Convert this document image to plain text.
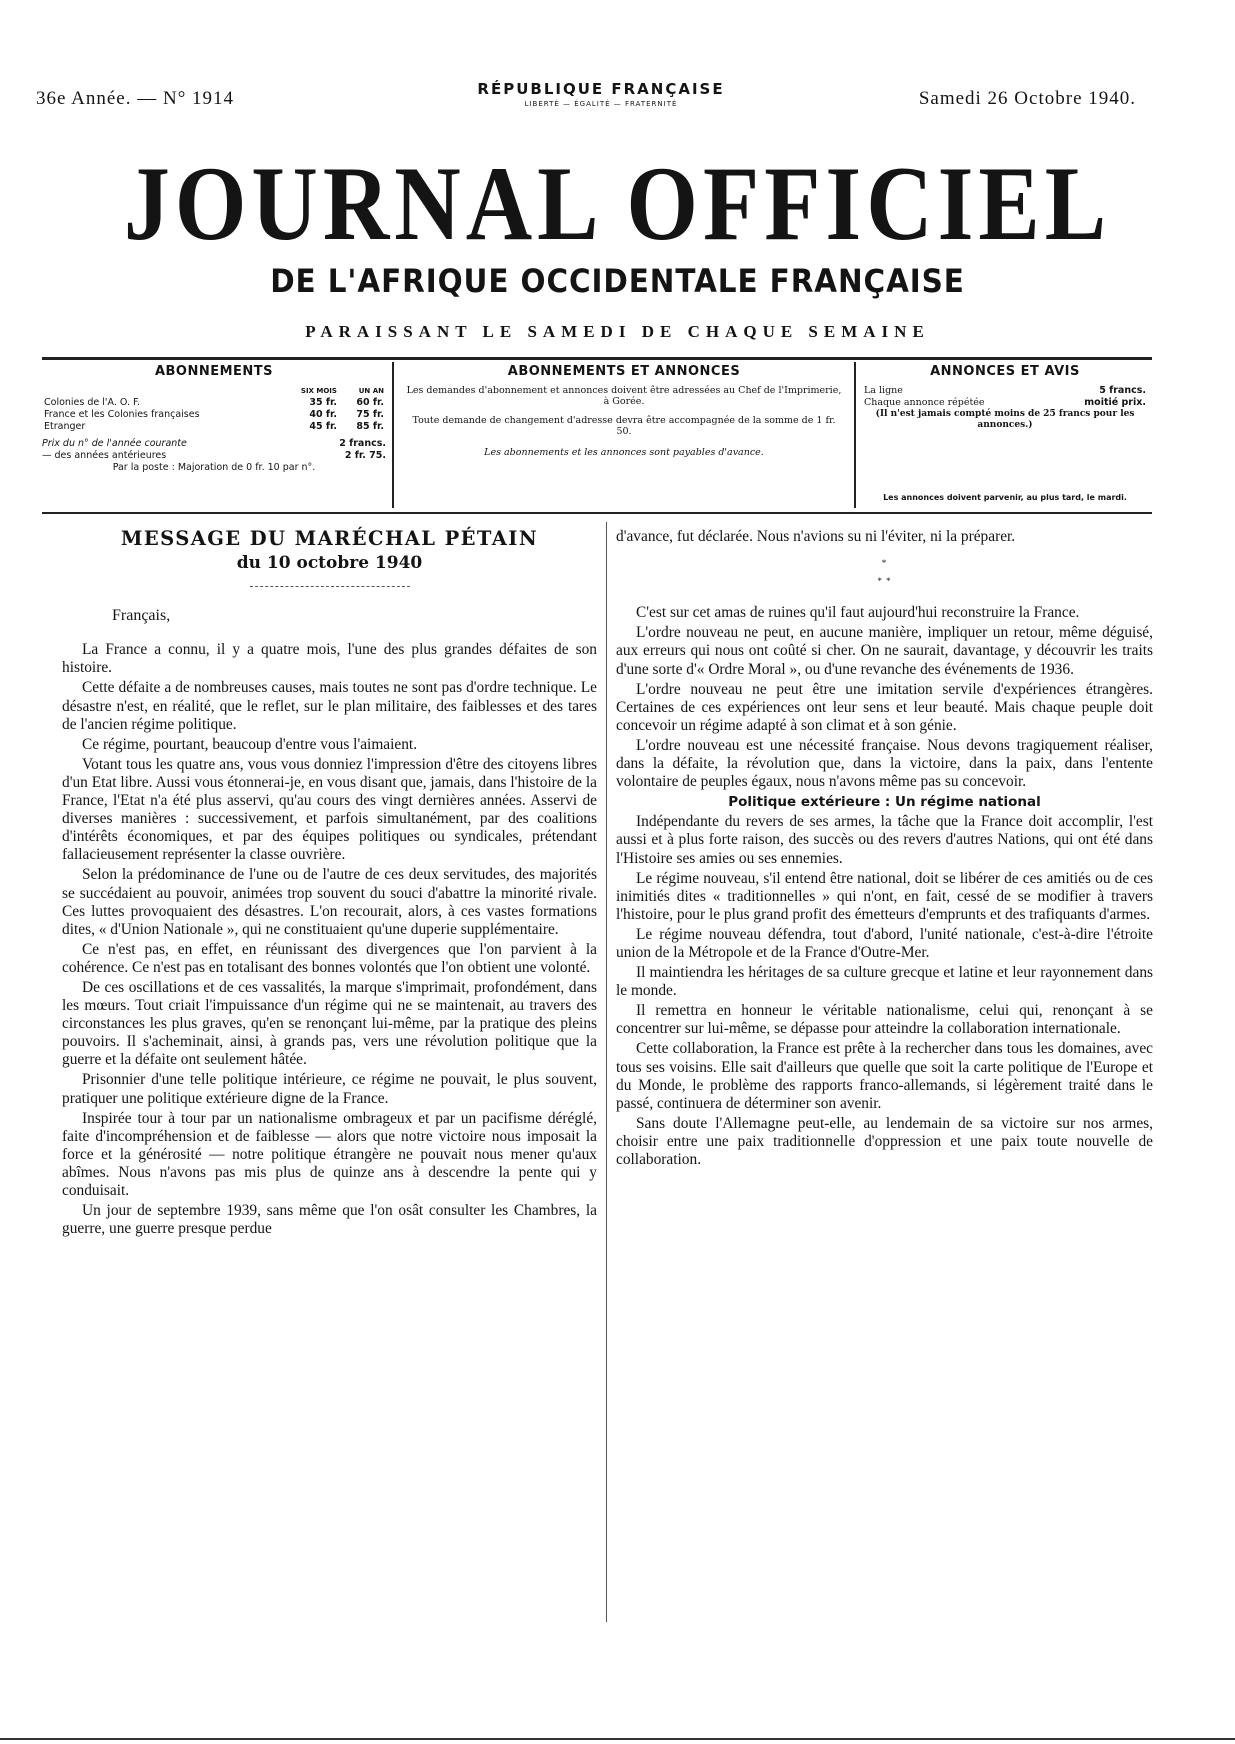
36e Année. — N° 1914	RÉPUBLIQUE FRANÇAISE
LIBERTÉ — ÉGALITÉ — FRATERNITÉ	Samedi 26 Octobre 1940.
JOURNAL OFFICIEL
DE L'AFRIQUE OCCIDENTALE FRANÇAISE
PARAISSANT LE SAMEDI DE CHAQUE SEMAINE
ABONNEMENTS
	SIX MOIS	UN AN
Colonies de l'A. O. F.	35 fr.	60 fr.
France et les Colonies françaises	40 fr.	75 fr.
Etranger	45 fr.	85 fr.
Prix du n° de l'année courante	2 francs.
— des années antérieures	2 fr. 75.
Par la poste : Majoration de 0 fr. 10 par n°.
ABONNEMENTS ET ANNONCES

Les demandes d'abonnement et annonces doivent être adressées au Chef de l'Imprimerie, à Gorée.

Toute demande de changement d'adresse devra être accompagnée de la somme de 1 fr. 50.

Les abonnements et les annonces sont payables d'avance.

ANNONCES ET AVIS
La ligne	5 francs.
Chaque annonce répétée	moitié prix.
(Il n'est jamais compté moins de 25 francs pour les annonces.)
Les annonces doivent parvenir, au plus tard, le mardi.
MESSAGE DU MARÉCHAL PÉTAIN
du 10 octobre 1940

Français,

La France a connu, il y a quatre mois, l'une des plus grandes défaites de son histoire.

Cette défaite a de nombreuses causes, mais toutes ne sont pas d'ordre technique. Le désastre n'est, en réalité, que le reflet, sur le plan militaire, des faiblesses et des tares de l'ancien régime politique.

Ce régime, pourtant, beaucoup d'entre vous l'aimaient.

Votant tous les quatre ans, vous vous donniez l'impression d'être des citoyens libres d'un Etat libre. Aussi vous étonnerai-je, en vous disant que, jamais, dans l'histoire de la France, l'Etat n'a été plus asservi, qu'au cours des vingt dernières années. Asservi de diverses manières : successivement, et parfois simultanément, par des coalitions d'intérêts économiques, et par des équipes politiques ou syndicales, prétendant fallacieusement représenter la classe ouvrière.

Selon la prédominance de l'une ou de l'autre de ces deux servitudes, des majorités se succédaient au pouvoir, animées trop souvent du souci d'abattre la minorité rivale. Ces luttes provoquaient des désastres. L'on recourait, alors, à ces vastes formations dites, « d'Union Nationale », qui ne constituaient qu'une duperie supplémentaire.

Ce n'est pas, en effet, en réunissant des divergences que l'on parvient à la cohérence. Ce n'est pas en totalisant des bonnes volontés que l'on obtient une volonté.

De ces oscillations et de ces vassalités, la marque s'imprimait, profondément, dans les mœurs. Tout criait l'impuissance d'un régime qui ne se maintenait, au travers des circonstances les plus graves, qu'en se renonçant lui-même, par la pratique des pleins pouvoirs. Il s'acheminait, ainsi, à grands pas, vers une révolution politique que la guerre et la défaite ont seulement hâtée.

Prisonnier d'une telle politique intérieure, ce régime ne pouvait, le plus souvent, pratiquer une politique extérieure digne de la France.

Inspirée tour à tour par un nationalisme ombrageux et par un pacifisme déréglé, faite d'incompréhension et de faiblesse — alors que notre victoire nous imposait la force et la générosité — notre politique étrangère ne pouvait nous mener qu'aux abîmes. Nous n'avons pas mis plus de quinze ans à descendre la pente qui y conduisait.

Un jour de septembre 1939, sans même que l'on osât consulter les Chambres, la guerre, une guerre presque perdue

d'avance, fut déclarée. Nous n'avions su ni l'éviter, ni la préparer.

*
* *

C'est sur cet amas de ruines qu'il faut aujourd'hui reconstruire la France.

L'ordre nouveau ne peut, en aucune manière, impliquer un retour, même déguisé, aux erreurs qui nous ont coûté si cher. On ne saurait, davantage, y découvrir les traits d'une sorte d'« Ordre Moral », ou d'une revanche des événements de 1936.

L'ordre nouveau ne peut être une imitation servile d'expériences étrangères. Certaines de ces expériences ont leur sens et leur beauté. Mais chaque peuple doit concevoir un régime adapté à son climat et à son génie.

L'ordre nouveau est une nécessité française. Nous devons tragiquement réaliser, dans la défaite, la révolution que, dans la victoire, dans la paix, dans l'entente volontaire de peuples égaux, nous n'avons même pas su concevoir.

Politique extérieure : Un régime national

Indépendante du revers de ses armes, la tâche que la France doit accomplir, l'est aussi et à plus forte raison, des succès ou des revers d'autres Nations, qui ont été dans l'Histoire ses amies ou ses ennemies.

Le régime nouveau, s'il entend être national, doit se libérer de ces amitiés ou de ces inimitiés dites « traditionnelles » qui n'ont, en fait, cessé de se modifier à travers l'histoire, pour le plus grand profit des émetteurs d'emprunts et des trafiquants d'armes.

Le régime nouveau défendra, tout d'abord, l'unité nationale, c'est-à-dire l'étroite union de la Métropole et de la France d'Outre-Mer.

Il maintiendra les héritages de sa culture grecque et latine et leur rayonnement dans le monde.

Il remettra en honneur le véritable nationalisme, celui qui, renonçant à se concentrer sur lui-même, se dépasse pour atteindre la collaboration internationale.

Cette collaboration, la France est prête à la rechercher dans tous les domaines, avec tous ses voisins. Elle sait d'ailleurs que quelle que soit la carte politique de l'Europe et du Monde, le problème des rapports franco-allemands, si légèrement traité dans le passé, continuera de déterminer son avenir.

Sans doute l'Allemagne peut-elle, au lendemain de sa victoire sur nos armes, choisir entre une paix traditionnelle d'oppression et une paix toute nouvelle de collaboration.
